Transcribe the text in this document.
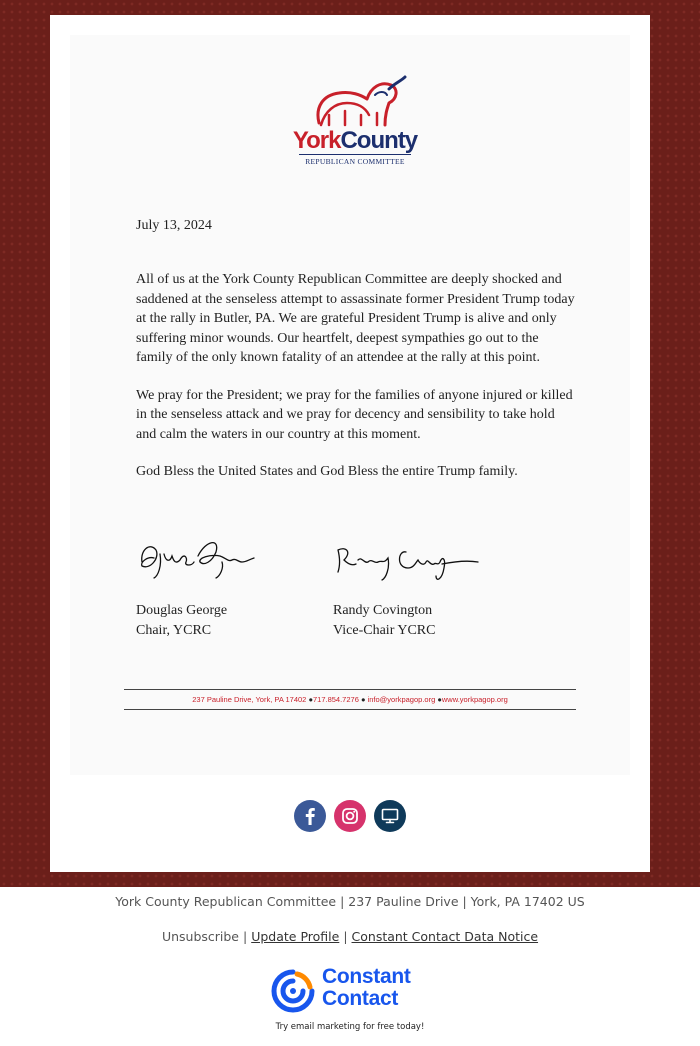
YorkCounty
REPUBLICAN COMMITTEE
July 13, 2024

All of us at the York County Republican Committee are deeply shocked and saddened at the senseless attempt to assassinate former President Trump today at the rally in Butler, PA. We are grateful President Trump is alive and only suffering minor wounds. Our heartfelt, deepest sympathies go out to the family of the only known fatality of an attendee at the rally at this point.

We pray for the President; we pray for the families of anyone injured or killed in the senseless attack and we pray for decency and sensibility to take hold and calm the waters in our country at this moment.

God Bless the United States and God Bless the entire Trump family.

Douglas George
Chair, YCRC
Randy Covington
Vice-Chair YCRC
237 Pauline Drive, York, PA 17402 ●717.854.7276 ● info@yorkpagop.org ●www.yorkpagop.org
York County Republican Committee | 237 Pauline Drive | York, PA 17402 US
Unsubscribe | Update Profile | Constant Contact Data Notice
Constant
Contact
Try email marketing for free today!
